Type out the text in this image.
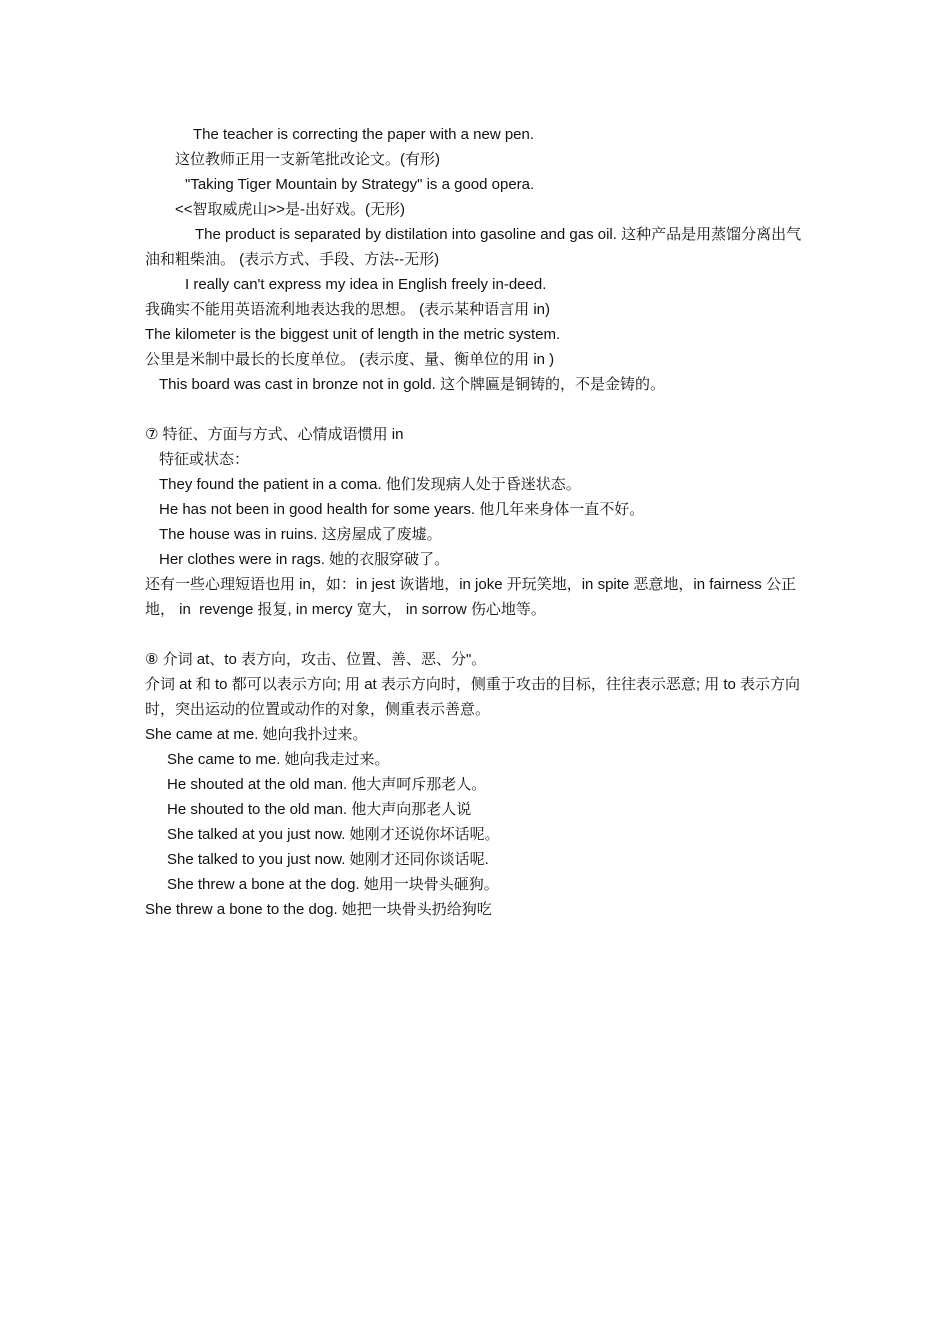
The teacher is correcting the paper with a new pen.
这位教师正用一支新笔批改论文。(有形)
"Taking Tiger Mountain by Strategy" is a good opera.
<<智取威虎山>>是-出好戏。(无形)
The product is separated by distilation into gasoline and gas oil. 这种产品是用蒸馏分离出气油和粗柴油。 (表示方式、手段、方法--无形)
I really can't express my idea in English freely in-deed.
我确实不能用英语流利地表达我的思想。 (表示某种语言用 in)
The kilometer is the biggest unit of length in the metric system.
公里是米制中最长的长度单位。 (表示度、量、衡单位的用 in )
This board was cast in bronze not in gold. 这个牌匾是铜铸的，不是金铸的。
⑦ 特征、方面与方式、心情成语惯用 in
特征或状态：
They found the patient in a coma. 他们发现病人处于昏迷状态。
He has not been in good health for some years. 他几年来身体一直不好。
The house was in ruins. 这房屋成了废墟。
Her clothes were in rags. 她的衣服穿破了。
还有一些心理短语也用 in，如：in jest 诙谐地，in joke 开玩笑地，in spite 恶意地，in fairness 公正地， in  revenge 报复, in mercy 宽大， in sorrow 伤心地等。
⑧ 介词 at、to 表方向，攻击、位置、善、恶、分"。
介词 at 和 to 都可以表示方向; 用 at 表示方向时，侧重于攻击的目标，往往表示恶意; 用 to 表示方向时，突出运动的位置或动作的对象，侧重表示善意。
She came at me. 她向我扑过来。
She came to me. 她向我走过来。
He shouted at the old man. 他大声呵斥那老人。
He shouted to the old man. 他大声向那老人说
She talked at you just now. 她刚才还说你坏话呢。
She talked to you just now. 她刚才还同你谈话呢.
She threw a bone at the dog. 她用一块骨头砸狗。
She threw a bone to the dog. 她把一块骨头扔给狗吃
